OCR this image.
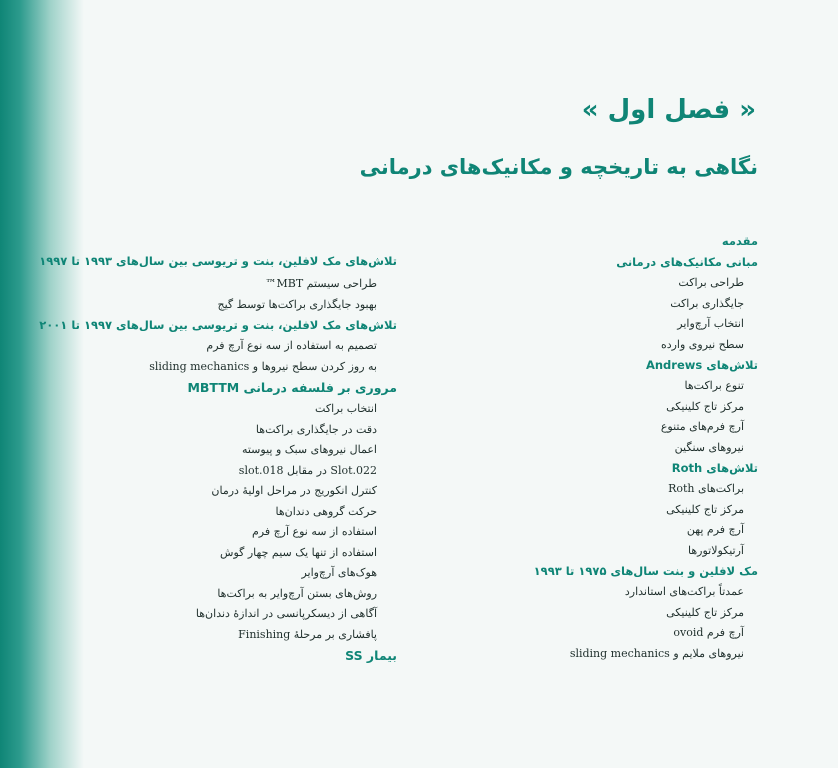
« فصل اول »
نگاهی به تاریخچه و مکانیک‌های درمانی
مقدمه
مبانی مکانیک‌های درمانی
طراحی براکت
جایگذاری براکت
انتخاب آرچ‌وایر
سطح نیروی وارده
تلاش‌های Andrews
تنوع براکت‌ها
مرکز تاج کلینیکی
آرچ فرم‌های متنوع
نیروهای سنگین
تلاش‌های Roth
براکت‌های Roth
مرکز تاج کلینیکی
آرچ فرم پهن
آرتیکولاتورها
مک لافلین و بنت سال‌های ۱۹۷۵ تا ۱۹۹۳
عمدتاً براکت‌های استاندارد
مرکز تاج کلینیکی
آرچ فرم ovoid
نیروهای ملایم و sliding mechanics
تلاش‌های مک لافلین، بنت و تریوسی بین سال‌های ۱۹۹۳ تا ۱۹۹۷
طراحی سیستم MBT™
بهبود جایگذاری براکت‌ها توسط گیج
تلاش‌های مک لافلین، بنت و تریوسی بین سال‌های ۱۹۹۷ تا ۲۰۰۱
تصمیم به استفاده از سه نوع آرچ فرم
به روز کردن سطح نیروها و sliding mechanics
مروری بر فلسفه درمانی MBTTM
انتخاب براکت
دقت در جایگذاری براکت‌ها
اعمال نیروهای سبک و پیوسته
Slot.022 در مقابل slot.018
کنترل انکوریج در مراحل اولیهٔ درمان
حرکت گروهی دندان‌ها
استفاده از سه نوع آرچ فرم
استفاده از تنها یک سیم چهار گوش
هوک‌های آرچ‌وایر
روش‌های بستن آرچ‌وایر به براکت‌ها
آگاهی از دیسکرپانسی در اندازهٔ دندان‌ها
پافشاری بر مرحلهٔ Finishing
بیمار SS
